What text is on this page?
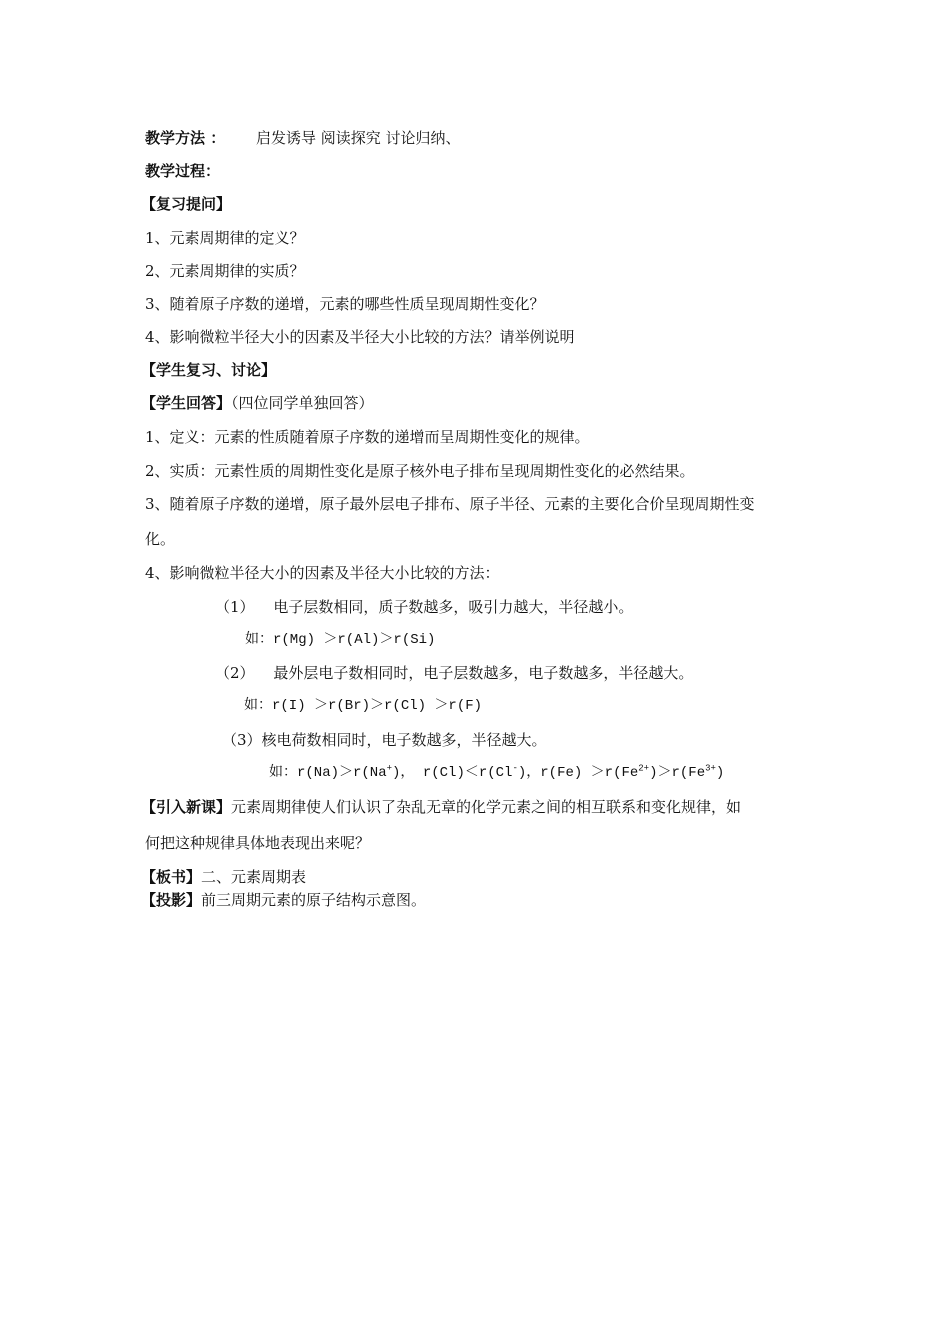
教学方法 ： 启发诱导 阅读探究 讨论归纳、
教学过程：
【复习提问】
1、元素周期律的定义？
2、元素周期律的实质？
3、随着原子序数的递增，元素的哪些性质呈现周期性变化？
4、影响微粒半径大小的因素及半径大小比较的方法？请举例说明
【学生复习、讨论】
【学生回答】（四位同学单独回答）
1、定义：元素的性质随着原子序数的递增而呈周期性变化的规律。
2、实质：元素性质的周期性变化是原子核外电子排布呈现周期性变化的必然结果。
3、随着原子序数的递增，原子最外层电子排布、原子半径、元素的主要化合价呈现周期性变
化。
4、影响微粒半径大小的因素及半径大小比较的方法：
（1） 电子层数相同，质子数越多，吸引力越大，半径越小。
如：r(Mg) ＞r(Al)＞r(Si)
（2） 最外层电子数相同时，电子层数越多，电子数越多，半径越大。
如：r(I) ＞r(Br)＞r(Cl) ＞r(F)
（3）核电荷数相同时，电子数越多，半径越大。
如：r(Na)＞r(Na+)， r(Cl)＜r(Cl-)，$r(Fe) >r(Fe^{2+})>r(Fe^{3+})$
【引入新课】元素周期律使人们认识了杂乱无章的化学元素之间的相互联系和变化规律，如
何把这种规律具体地表现出来呢？
【板书】二、元素周期表
【投影】前三周期元素的原子结构示意图。
